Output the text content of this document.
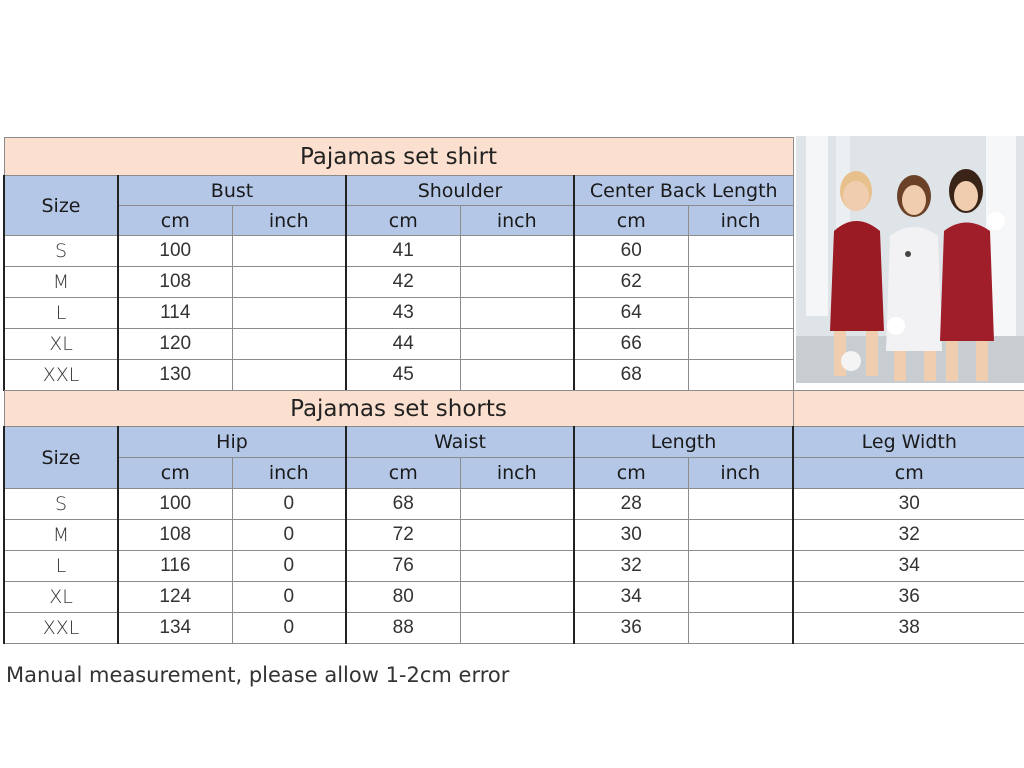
Pajamas set shirt						
Size	Bust		Shoulder		Center Back Length	
	cm	inch	cm	inch	cm	inch
S	100		41		60	
M	108		42		62	
L	114		43		64	
XL	120		44		66	
XXL	130		45		68	
Pajamas set shorts							
Size	Hip		Waist		Length		Leg Width
	cm	inch	cm	inch	cm	inch	cm
S	100	0	68		28		30
M	108	0	72		30		32
L	116	0	76		32		34
XL	124	0	80		34		36
XXL	134	0	88		36		38
Manual measurement, please allow 1-2cm error
